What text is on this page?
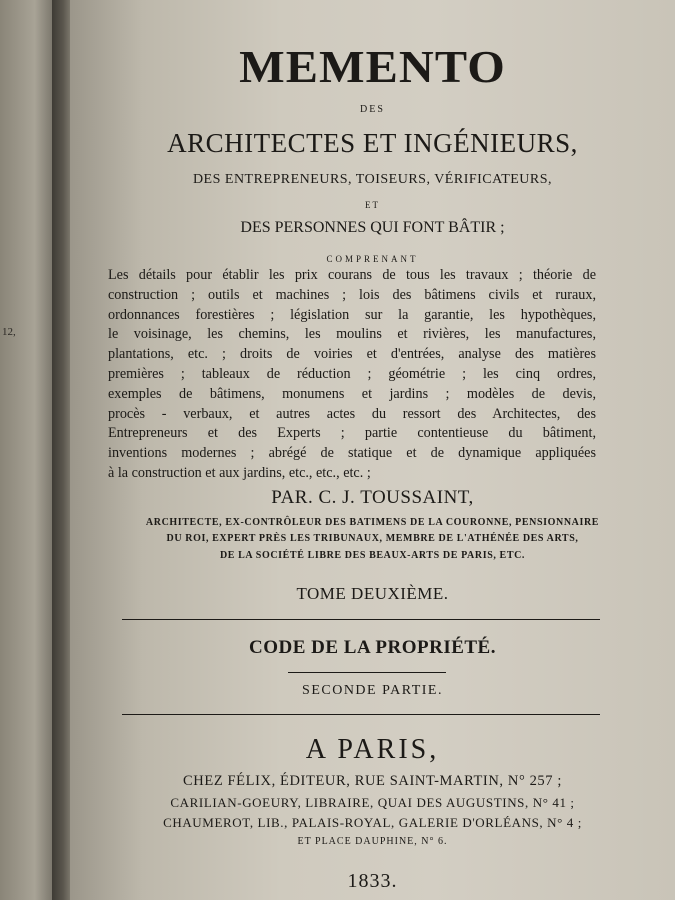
12,
MEMENTO
DES
ARCHITECTES ET INGÉNIEURS,
DES ENTREPRENEURS, TOISEURS, VÉRIFICATEURS,
ET
DES PERSONNES QUI FONT BÂTIR ;
COMPRENANT
Les détails pour établir les prix courans de tous les travaux ; théorie de
construction ; outils et machines ; lois des bâtimens civils et ruraux,
ordonnances forestières ; législation sur la garantie, les hypothèques,
le voisinage, les chemins, les moulins et rivières, les manufactures,
plantations, etc. ; droits de voiries et d'entrées, analyse des matières
premières ; tableaux de réduction ; géométrie ; les cinq ordres,
exemples de bâtimens, monumens et jardins ; modèles de devis,
procès - verbaux, et autres actes du ressort des Architectes, des
Entrepreneurs et des Experts ; partie contentieuse du bâtiment,
inventions modernes ; abrégé de statique et de dynamique appliquées
à la construction et aux jardins, etc., etc., etc. ;
PAR. C. J. TOUSSAINT,
ARCHITECTE, EX-CONTRÔLEUR DES BATIMENS DE LA COURONNE, PENSIONNAIRE
DU ROI, EXPERT PRÈS LES TRIBUNAUX, MEMBRE DE L'ATHÉNÉE DES ARTS,
DE LA SOCIÉTÉ LIBRE DES BEAUX-ARTS DE PARIS, ETC.
TOME DEUXIÈME.
CODE DE LA PROPRIÉTÉ.
SECONDE PARTIE.
A PARIS,
CHEZ FÉLIX, ÉDITEUR, RUE SAINT-MARTIN, N° 257 ;
CARILIAN-GOEURY, LIBRAIRE, QUAI DES AUGUSTINS, N° 41 ;
CHAUMEROT, LIB., PALAIS-ROYAL, GALERIE D'ORLÉANS, N° 4 ;
ET PLACE DAUPHINE, N° 6.
1833.
